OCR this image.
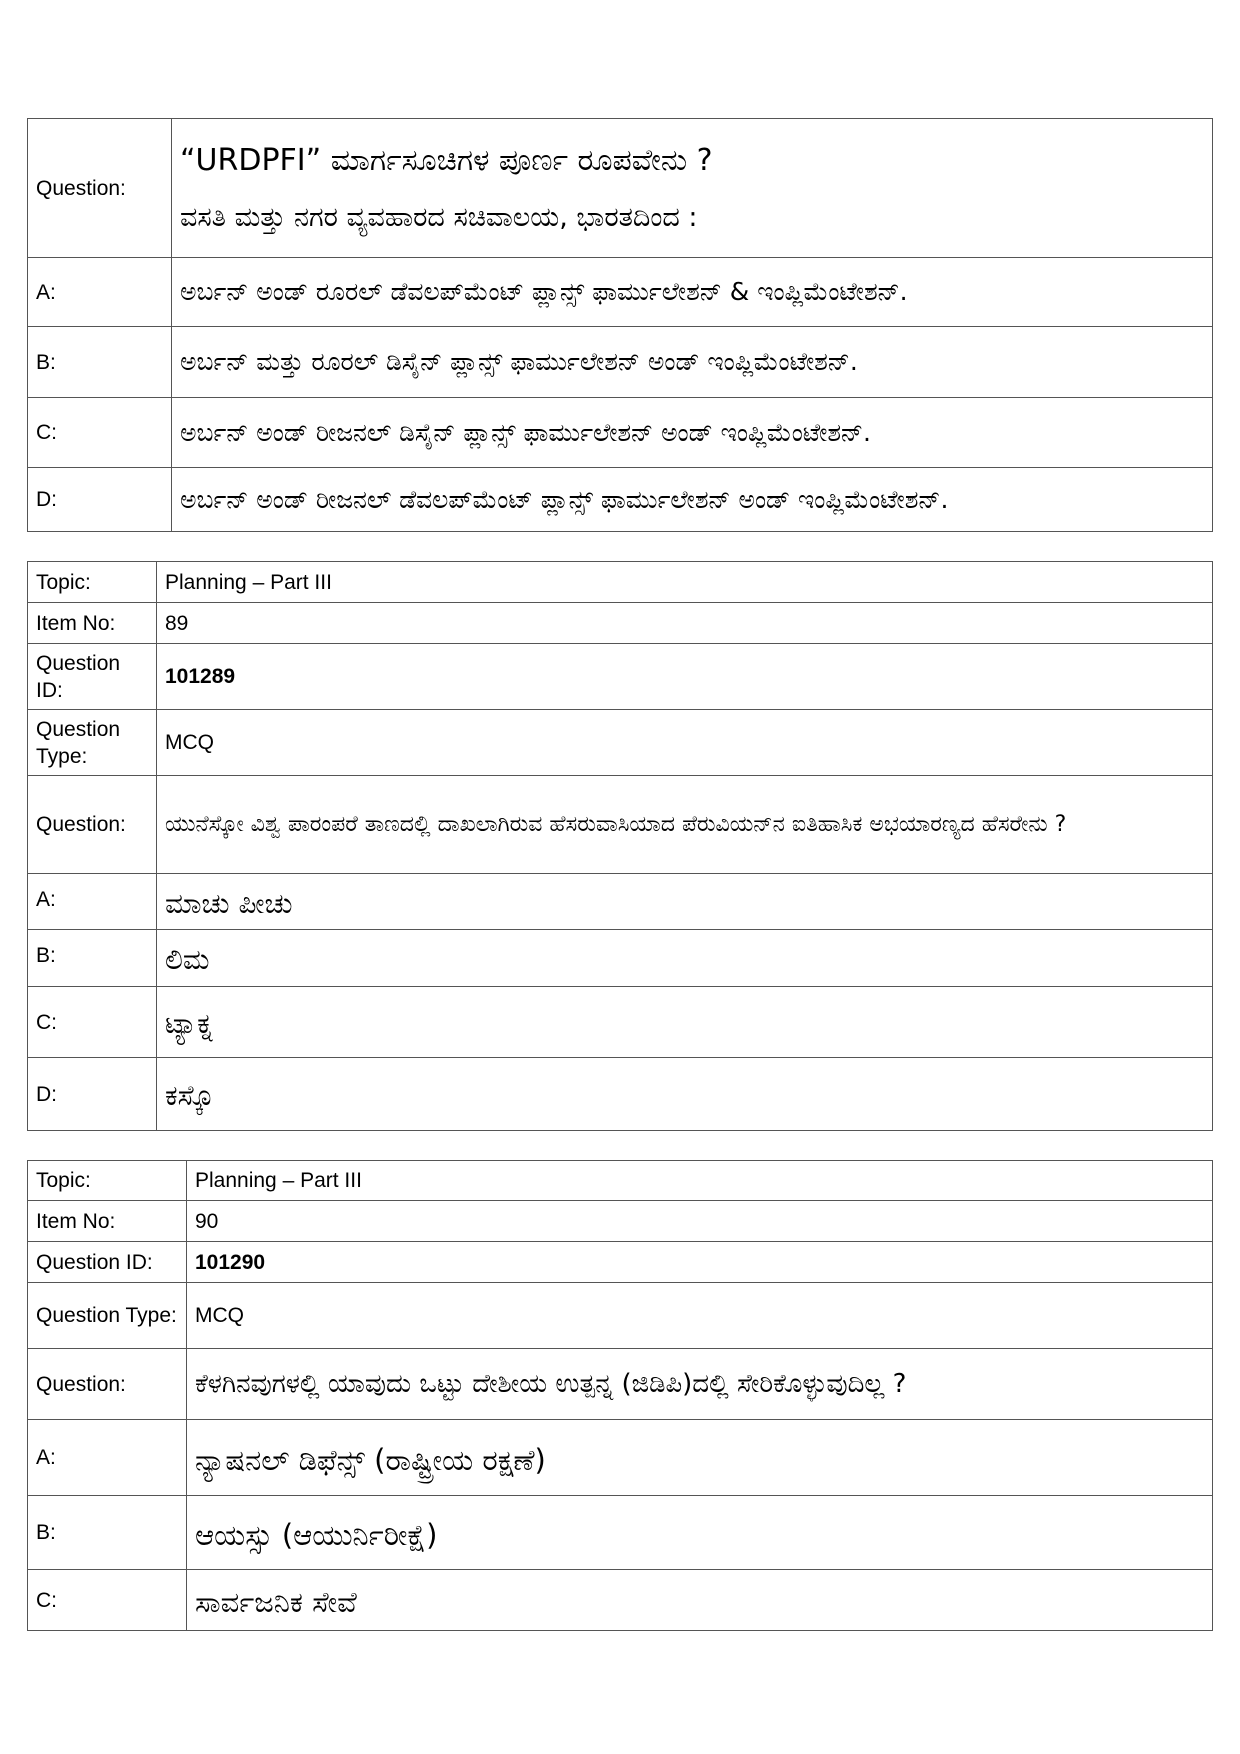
Question:	“URDPFI” ಮಾರ್ಗಸೂಚಿಗಳ ಪೂರ್ಣ ರೂಪವೇನು ?
ವಸತಿ ಮತ್ತು ನಗರ ವ್ಯವಹಾರದ ಸಚಿವಾಲಯ, ಭಾರತದಿಂದ :

A:	ಅರ್ಬನ್ ಅಂಡ್ ರೂರಲ್ ಡೆವಲಪ್‌ಮೆಂಟ್ ಪ್ಲಾನ್ಸ್ ಫಾರ್ಮುಲೇಶನ್ & ಇಂಪ್ಲಿಮೆಂಟೇಶನ್.
B:	ಅರ್ಬನ್ ಮತ್ತು ರೂರಲ್ ಡಿಸೈನ್ ಪ್ಲಾನ್ಸ್ ಫಾರ್ಮುಲೇಶನ್ ಅಂಡ್ ಇಂಪ್ಲಿಮೆಂಟೇಶನ್.
C:	ಅರ್ಬನ್ ಅಂಡ್ ರೀಜನಲ್ ಡಿಸೈನ್ ಪ್ಲಾನ್ಸ್ ಫಾರ್ಮುಲೇಶನ್ ಅಂಡ್ ಇಂಪ್ಲಿಮೆಂಟೇಶನ್.
D:	ಅರ್ಬನ್ ಅಂಡ್ ರೀಜನಲ್ ಡೆವಲಪ್‌ಮೆಂಟ್ ಪ್ಲಾನ್ಸ್ ಫಾರ್ಮುಲೇಶನ್ ಅಂಡ್ ಇಂಪ್ಲಿಮೆಂಟೇಶನ್.
Topic:	Planning – Part III
Item No:	89
Question ID:	101289
Question Type:	MCQ
Question:	ಯುನೆಸ್ಕೋ ವಿಶ್ವ ಪಾರಂಪರೆ ತಾಣದಲ್ಲಿ ದಾಖಲಾಗಿರುವ ಹೆಸರುವಾಸಿಯಾದ ಪೆರುವಿಯನ್‌ನ ಐತಿಹಾಸಿಕ ಅಭಯಾರಣ್ಯದ ಹೆಸರೇನು ?
A:	ಮಾಚು ಪೀಚು

B:	ಲಿಮ

C:	ಟ್ಯಾಕ್ನ

D:	ಕಸ್ಕೊ
Topic:	Planning – Part III
Item No:	90
Question ID:	101290
Question Type:	MCQ
Question:	ಕೆಳಗಿನವುಗಳಲ್ಲಿ ಯಾವುದು ಒಟ್ಟು ದೇಶೀಯ ಉತ್ಪನ್ನ (ಜಿಡಿಪಿ)ದಲ್ಲಿ ಸೇರಿಕೊಳ್ಳುವುದಿಲ್ಲ ?
A:	ನ್ಯಾಷನಲ್ ಡಿಫೆನ್ಸ್ (ರಾಷ್ಟ್ರೀಯ ರಕ್ಷಣೆ)

B:	ಆಯಸ್ಸು (ಆಯುರ್ನಿರೀಕ್ಷೆ)

C:	ಸಾರ್ವಜನಿಕ ಸೇವೆ
